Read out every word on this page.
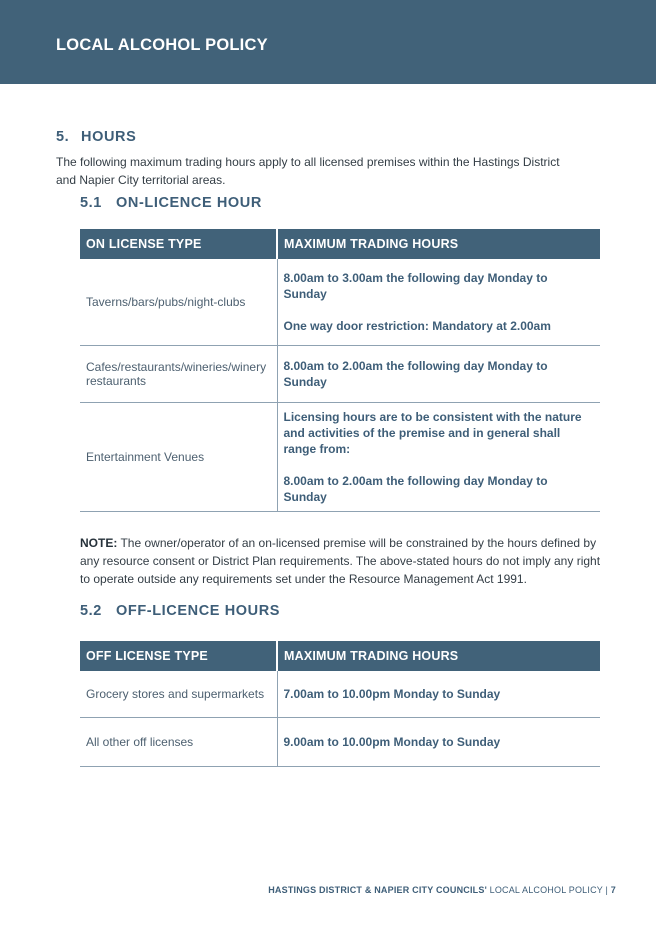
LOCAL ALCOHOL POLICY
5. HOURS

The following maximum trading hours apply to all licensed premises within the Hastings District and Napier City territorial areas.

5.1 ON-LICENCE HOUR
ON LICENSE TYPE	MAXIMUM TRADING HOURS
Taverns/bars/pubs/night-clubs	8.00am to 3.00am the following day Monday to Sunday

One way door restriction: Mandatory at 2.00am

Cafes/restaurants/wineries/winery restaurants	8.00am to 2.00am the following day Monday to Sunday

Entertainment Venues	Licensing hours are to be consistent with the nature and activities of the premise and in general shall range from:

8.00am to 2.00am the following day Monday to Sunday

NOTE: The owner/operator of an on-licensed premise will be constrained by the hours defined by any resource consent or District Plan requirements. The above-stated hours do not imply any right to operate outside any requirements set under the Resource Management Act 1991.

5.2 OFF-LICENCE HOURS
OFF LICENSE TYPE	MAXIMUM TRADING HOURS
Grocery stores and supermarkets	7.00am to 10.00pm Monday to Sunday
All other off licenses	9.00am to 10.00pm Monday to Sunday
HASTINGS DISTRICT & NAPIER CITY COUNCILS' LOCAL ALCOHOL POLICY | 7
